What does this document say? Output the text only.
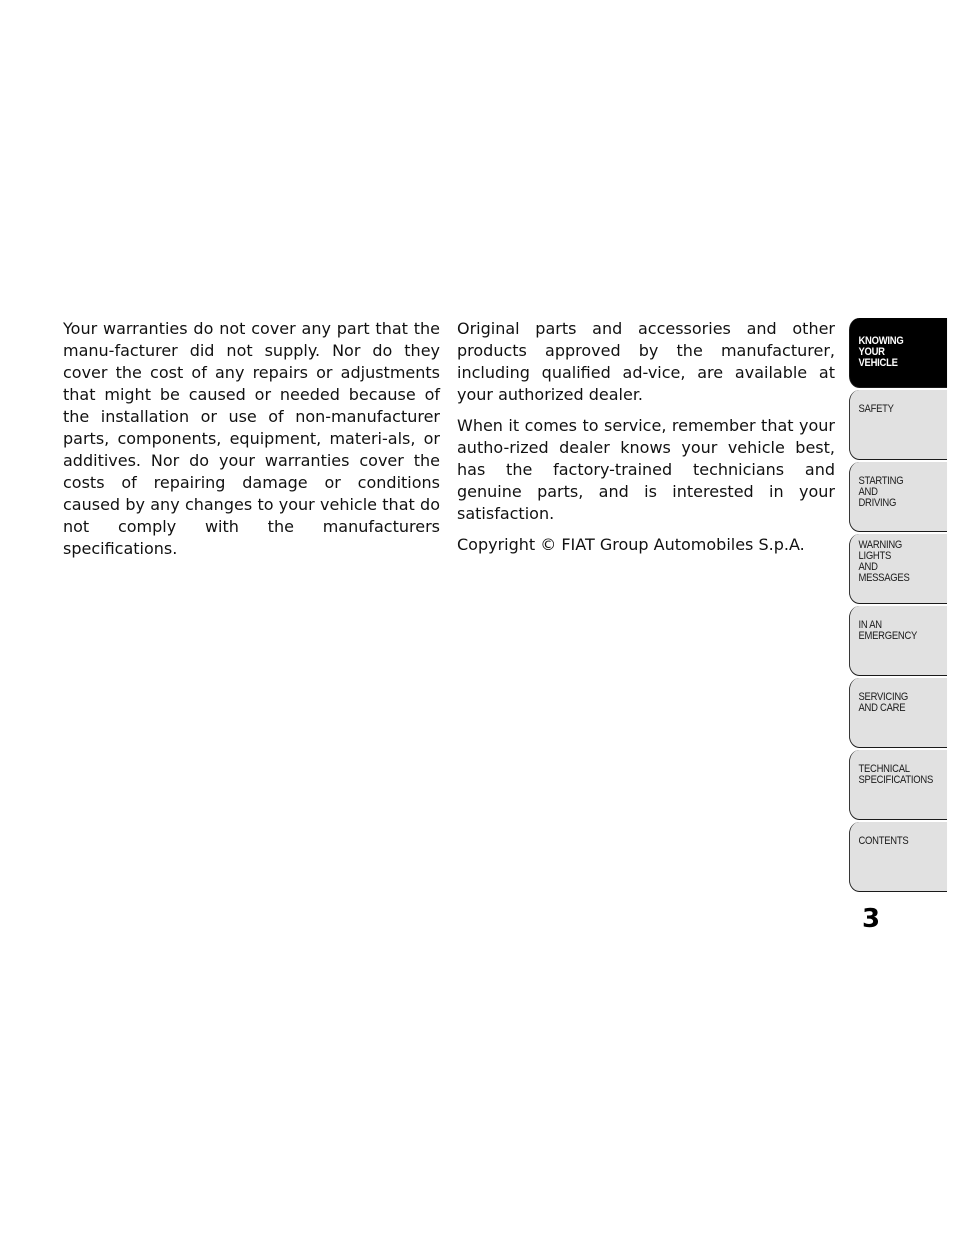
Your warranties do not cover any part that the manu-facturer did not supply. Nor do they cover the cost of any repairs or adjustments that might be caused or needed because of the installation or use of non-manufacturer parts, components, equipment, materi-als, or additives. Nor do your warranties cover the costs of repairing damage or conditions caused by any changes to your vehicle that do not comply with the manufacturers specifications.

Original parts and accessories and other products approved by the manufacturer, including qualified ad-vice, are available at your authorized dealer.

When it comes to service, remember that your autho-rized dealer knows your vehicle best, has the factory-trained technicians and genuine parts, and is interested in your satisfaction.

Copyright © FIAT Group Automobiles S.p.A.

KNOWING
YOUR
VEHICLE
SAFETY
STARTING
AND
DRIVING
WARNING
LIGHTS
AND
MESSAGES
IN AN
EMERGENCY
SERVICING
AND CARE
TECHNICAL
SPECIFICATIONS
CONTENTS
3
